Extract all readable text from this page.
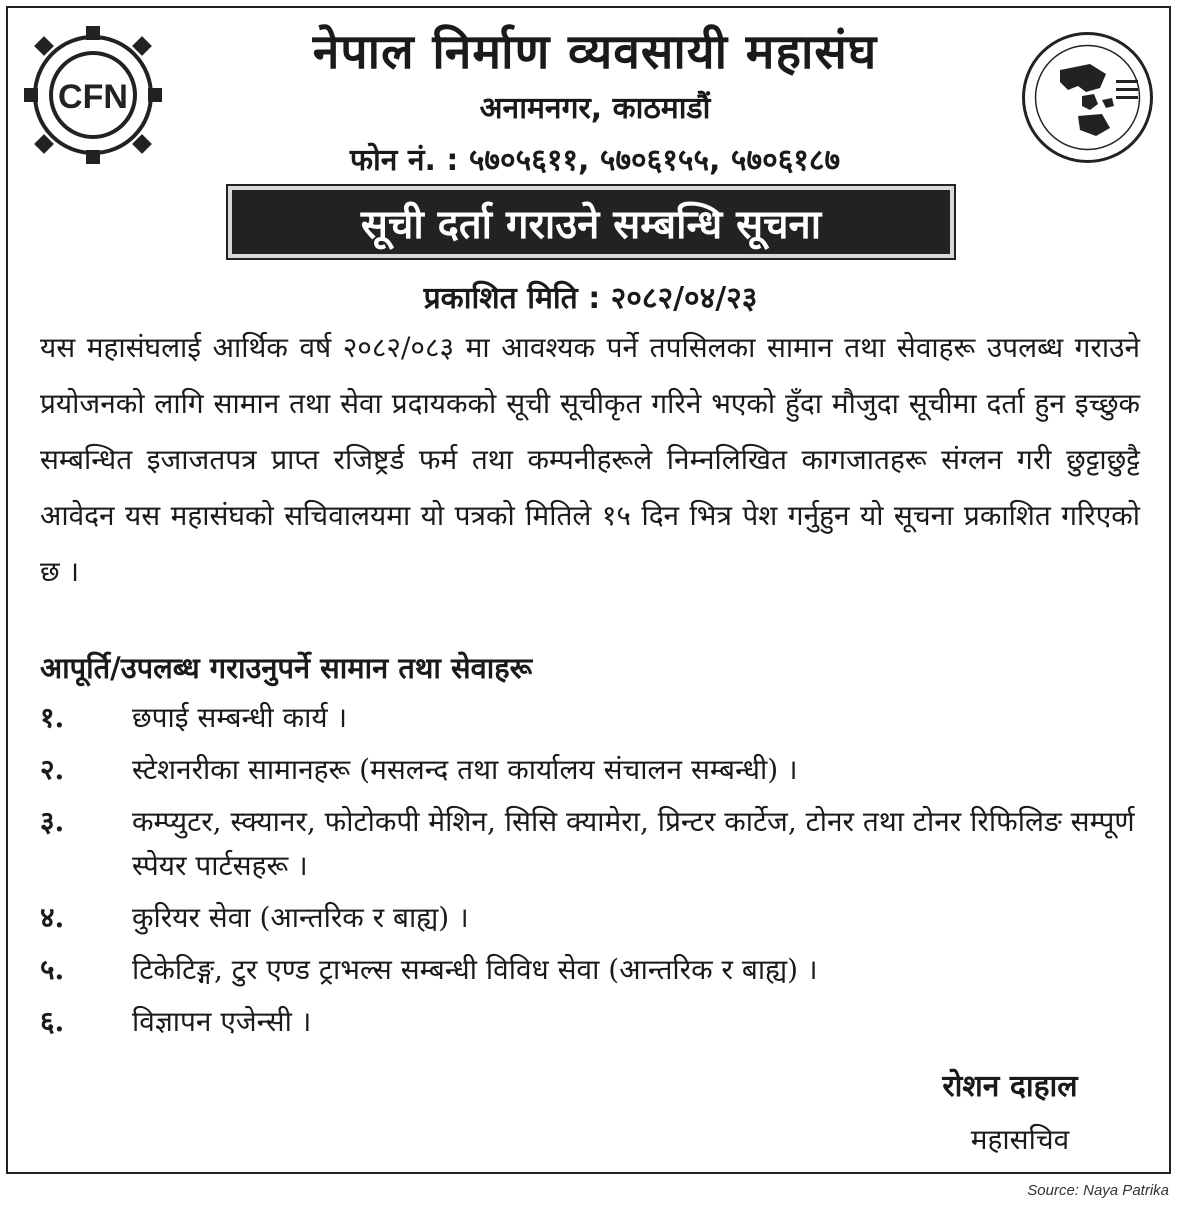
CFN
नेपाल निर्माण व्यवसायी महासंघ
अनामनगर, काठमाडौं
फोन नं. : ५७०५६११, ५७०६१५५, ५७०६१८७
सूची दर्ता गराउने सम्बन्धि सूचना
प्रकाशित मिति : २०८२/०४/२३
यस महासंघलाई आर्थिक वर्ष २०८२/०८३ मा आवश्यक पर्ने तपसिलका सामान तथा सेवाहरू उपलब्ध गराउने प्रयोजनको लागि सामान तथा सेवा प्रदायकको सूची सूचीकृत गरिने भएको हुँदा मौजुदा सूचीमा दर्ता हुन इच्छुक सम्बन्धित इजाजतपत्र प्राप्त रजिष्ट्रर्ड फर्म तथा कम्पनीहरूले निम्नलिखित कागजातहरू संग्लन गरी छुट्टाछुट्टै आवेदन यस महासंघको सचिवालयमा यो पत्रको मितिले १५ दिन भित्र पेश गर्नुहुन यो सूचना प्रकाशित गरिएको छ ।
आपूर्ति/उपलब्ध गराउनुपर्ने सामान तथा सेवाहरू
१.	छपाई सम्बन्धी कार्य ।
२.	स्टेशनरीका सामानहरू (मसलन्द तथा कार्यालय संचालन सम्बन्धी) ।
३.	कम्प्युटर, स्क्यानर, फोटोकपी मेशिन, सिसि क्यामेरा, प्रिन्टर कार्टेज, टोनर तथा टोनर रिफिलिङ सम्पूर्ण स्पेयर पार्टसहरू ।
४.	कुरियर सेवा (आन्तरिक र बाह्य) ।
५.	टिकेटिङ्ग, टुर एण्ड ट्राभल्स सम्बन्धी विविध सेवा (आन्तरिक र बाह्य) ।
६.	विज्ञापन एजेन्सी ।
रोशन दाहाल
महासचिव
Source: Naya Patrika
